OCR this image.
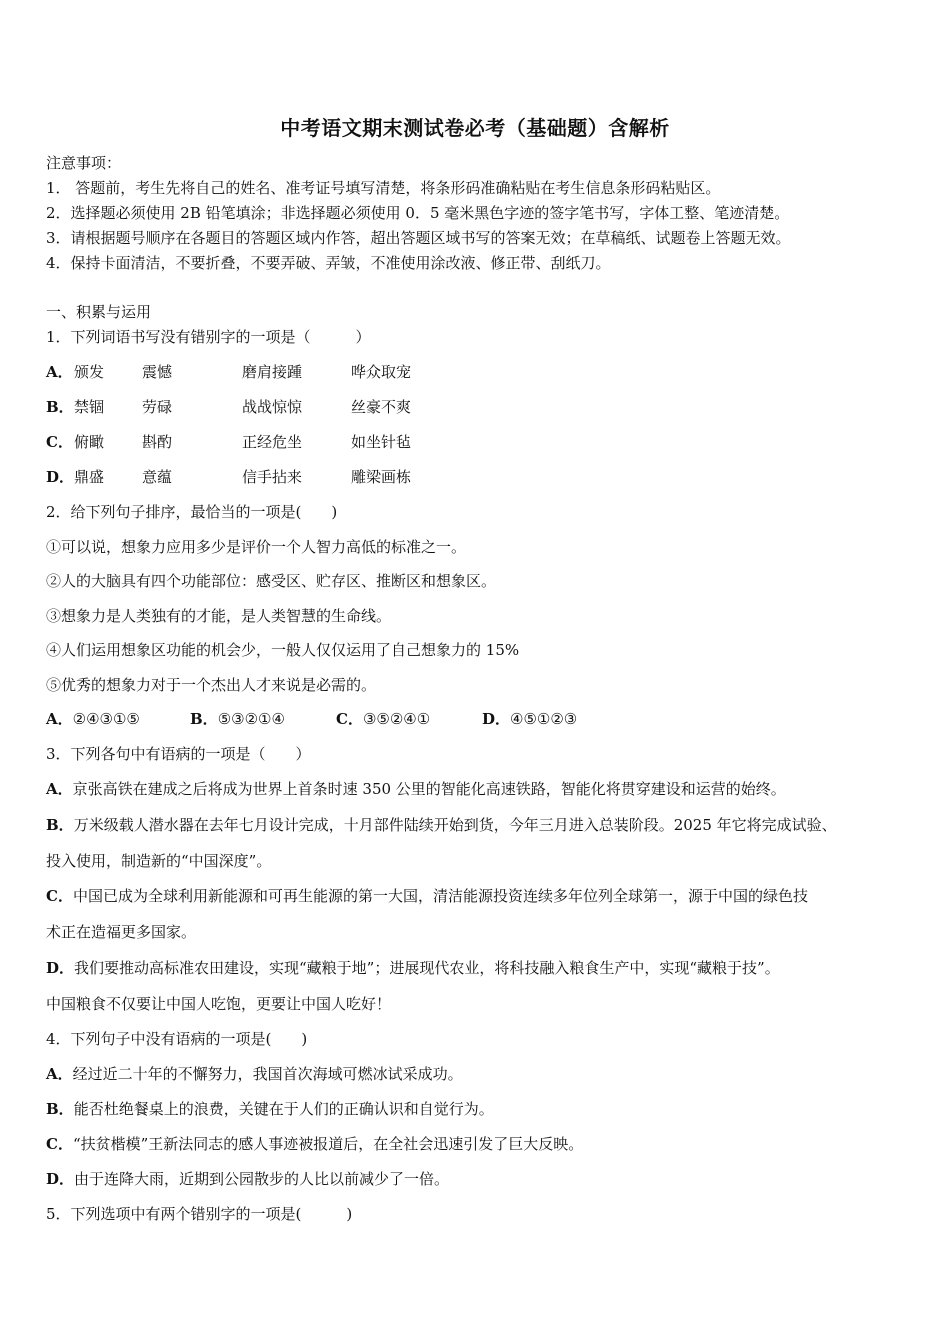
中考语文期末测试卷必考（基础题）含解析
注意事项：
1． 答题前，考生先将自己的姓名、准考证号填写清楚，将条形码准确粘贴在考生信息条形码粘贴区。
2．选择题必须使用 2B 铅笔填涂；非选择题必须使用 0．5 毫米黑色字迹的签字笔书写，字体工整、笔迹清楚。
3．请根据题号顺序在各题目的答题区域内作答，超出答题区域书写的答案无效；在草稿纸、试题卷上答题无效。
4．保持卡面清洁，不要折叠，不要弄破、弄皱，不准使用涂改液、修正带、刮纸刀。
一、积累与运用
1．下列词语书写没有错别字的一项是（　　　）
A． 颁发	震憾	磨肩接踵	哗众取宠
B． 禁锢	劳碌	战战惊惊	丝豪不爽
C． 俯瞰	斟酌	正经危坐	如坐针毡
D． 鼎盛	意蕴	信手拈来	雕梁画栋
2．给下列句子排序，最恰当的一项是(　　)
①可以说，想象力应用多少是评价一个人智力高低的标准之一。
②人的大脑具有四个功能部位：感受区、贮存区、推断区和想象区。
③想象力是人类独有的才能，是人类智慧的生命线。
④人们运用想象区功能的机会少，一般人仅仅运用了自己想象力的 15%
⑤优秀的想象力对于一个杰出人才来说是必需的。
A．②④③①⑤	B．⑤③②①④	C．③⑤②④①	D．④⑤①②③
3．下列各句中有语病的一项是（　　）
A．京张高铁在建成之后将成为世界上首条时速 350 公里的智能化高速铁路，智能化将贯穿建设和运营的始终。
B．万米级载人潜水器在去年七月设计完成，十月部件陆续开始到货，今年三月进入总装阶段。2025 年它将完成试验、
投入使用，制造新的“中国深度”。
C．中国已成为全球利用新能源和可再生能源的第一大国，清洁能源投资连续多年位列全球第一，源于中国的绿色技
术正在造福更多国家。
D．我们要推动高标准农田建设，实现“藏粮于地”；进展现代农业，将科技融入粮食生产中，实现“藏粮于技”。
中国粮食不仅要让中国人吃饱，更要让中国人吃好！
4．下列句子中没有语病的一项是(　　)
A．经过近二十年的不懈努力，我国首次海域可燃冰试采成功。
B．能否杜绝餐桌上的浪费，关键在于人们的正确认识和自觉行为。
C．“扶贫楷模”王新法同志的感人事迹被报道后，在全社会迅速引发了巨大反映。
D．由于连降大雨，近期到公园散步的人比以前减少了一倍。
5．下列选项中有两个错别字的一项是(　　　)
